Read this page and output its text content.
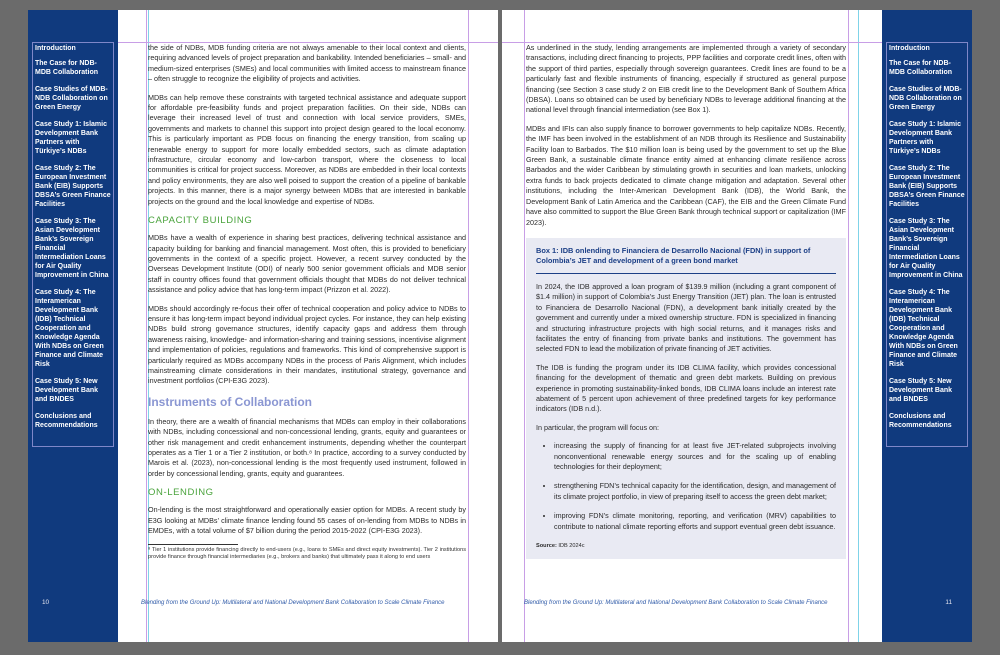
Introduction
The Case for NDB-MDB Collaboration
Case Studies of MDB-NDB Collaboration on Green Energy
Case Study 1: Islamic Development Bank Partners with Türkiye’s NDBs
Case Study 2: The European Investment Bank (EIB) Supports DBSA’s Green Finance Facilities
Case Study 3: The Asian Development Bank’s Sovereign Financial Intermediation Loans for Air Quality Improvement in China
Case Study 4: The Interamerican Development Bank (IDB) Technical Cooperation and Knowledge Agenda With NDBs on Green Finance and Climate Risk
Case Study 5: New Development Bank and BNDES
Conclusions and Recommendations

the side of NDBs, MDB funding criteria are not always amenable to their local context and clients, requiring advanced levels of project preparation and bankability. Intended beneficiaries – small- and medium-sized enterprises (SMEs) and local communities with limited access to mainstream finance – often struggle to recognize the eligibility of projects and activities.

MDBs can help remove these constraints with targeted technical assistance and adequate support for affordable pre-feasibility funds and project preparation facilities. On their side, NDBs can leverage their increased level of trust and connection with local service providers, SMEs, governments and markets to channel this support into project design geared to the local economy. This is particularly important as PDB focus on financing the energy transition, from scaling up renewable energy to support for more locally embedded sectors, such as climate adaptation infrastructure, circular economy and low-carbon transport, where the closeness to local communities is critical for project success. Moreover, as NDBs are embedded in their local contexts and policy environments, they are also well poised to support the creation of a pipeline of bankable projects. In this manner, there is a major synergy between MDBs that are interested in bankable projects on the ground and the local knowledge and expertise of NDBs.

CAPACITY BUILDING

MDBs have a wealth of experience in sharing best practices, delivering technical assistance and capacity building for banking and financial management. Most often, this is provided to beneficiary governments in the context of a specific project. However, a recent survey conducted by the Overseas Development Institute (ODI) of nearly 500 senior government officials and MDB senior staff in country offices found that government officials thought that MDBs do not deliver technical assistance and policy advice that has long-term impact (Prizzon et al. 2022).

MDBs should accordingly re-focus their offer of technical cooperation and policy advice to NDBs to ensure it has long-term impact beyond individual project cycles. For instance, they can help existing NDBs build strong governance structures, identify capacity gaps and address them through awareness raising, knowledge- and information-sharing and training sessions, incentivise alignment and implementation of policies, regulations and frameworks. This kind of comprehensive support is particularly required as MDBs accompany NDBs in the process of Paris Alignment, which includes mainstreaming climate considerations in their mandates, institutional strategy, governance and investment portfolios (CPI-E3G 2023).

Instruments of Collaboration

In theory, there are a wealth of financial mechanisms that MDBs can employ in their collaborations with NDBs, including concessional and non-concessional lending, grants, equity and guarantees or other risk management and credit enhancement instruments, depending whether the counterpart operates as a Tier 1 or a Tier 2 institution, or both.⁸ In practice, according to a survey conducted by Marois et al. (2023), non-concessional lending is the most frequently used instrument, followed in order by concessional lending, grants, equity and guarantees.

ON-LENDING

On-lending is the most straightforward and operationally easier option for MDBs. A recent study by E3G looking at MDBs’ climate finance lending found 55 cases of on-lending from MDBs to NDBs in EMDEs, with a total volume of $7 billion during the period 2015-2022 (CPI-E3G 2023).

⁸ Tier 1 institutions provide financing directly to end-users (e.g., loans to SMEs and direct equity investments). Tier 2 institutions provide finance through financial intermediaries (e.g., brokers and banks) that ultimately pass it along to end users
10	Blending from the Ground Up: Multilateral and National Development Bank Collaboration to Scale Climate Finance

As underlined in the study, lending arrangements are implemented through a variety of secondary transactions, including direct financing to projects, PPP facilities and corporate credit lines, often with the support of third parties, especially through sovereign guarantees. Credit lines are found to be a particularly fast and flexible instruments of financing, especially if structured as general purpose financing (see Section 3 case study 2 on EIB credit line to the Development Bank of Southern Africa (DBSA). Loans so obtained can be used by beneficiary NDBs to leverage additional financing at the national level through financial intermediation (see Box 1).

MDBs and IFIs can also supply finance to borrower governments to help capitalize NDBs. Recently, the IMF has been involved in the establishment of an NDB through its Resilience and Sustainability Facility loan to Barbados. The $10 million loan is being used by the government to set up the Blue Green Bank, a sustainable climate finance entity aimed at enhancing climate resilience across Barbados and the wider Caribbean by stimulating growth in securities and loan markets, unlocking extra funds to back projects dedicated to climate change mitigation and adaptation. Several other institutions, including the Inter-American Development Bank (IDB), the World Bank, the Development Bank of Latin America and the Caribbean (CAF), the EIB and the Green Climate Fund have also committed to support the Blue Green Bank through technical support or capitalization (IMF 2023).

Box 1: IDB onlending to Financiera de Desarrollo Nacional (FDN) in support of Colombia’s JET and development of a green bond market

In 2024, the IDB approved a loan program of $139.9 million (including a grant component of $1.4 million) in support of Colombia’s Just Energy Transition (JET) plan. The loan is entrusted to Financiera de Desarrollo Nacional (FDN), a development bank initially created by the government and currently under a mixed ownership structure. FDN is specialized in financing and structuring infrastructure projects with high social returns, and it manages risks and facilitates the entry of financing from private banks and institutions. The government has selected FDN to lead the mobilization of private financing of JET activities.

The IDB is funding the program under its IDB CLIMA facility, which provides concessional financing for the development of thematic and green debt markets. Building on previous experience in promoting sustainability-linked bonds, IDB CLIMA loans include an interest rate abatement of 5 percent upon achievement of three predefined targets for key performance indicators (IDB n.d.).

In particular, the program will focus on:

• increasing the supply of financing for at least five JET-related subprojects involving nonconventional renewable energy sources and for the scaling up of enabling technologies for their deployment;
• strengthening FDN’s technical capacity for the identification, design, and management of its climate project portfolio, in view of preparing itself to access the green debt market;
• improving FDN’s climate monitoring, reporting, and verification (MRV) capabilities to contribute to national climate reporting efforts and support eventual green debt issuance.
Source: IDB 2024c
Introduction
The Case for NDB-MDB Collaboration
Case Studies of MDB-NDB Collaboration on Green Energy
Case Study 1: Islamic Development Bank Partners with Türkiye’s NDBs
Case Study 2: The European Investment Bank (EIB) Supports DBSA’s Green Finance Facilities
Case Study 3: The Asian Development Bank’s Sovereign Financial Intermediation Loans for Air Quality Improvement in China
Case Study 4: The Interamerican Development Bank (IDB) Technical Cooperation and Knowledge Agenda With NDBs on Green Finance and Climate Risk
Case Study 5: New Development Bank and BNDES
Conclusions and Recommendations
Blending from the Ground Up: Multilateral and National Development Bank Collaboration to Scale Climate Finance	11
